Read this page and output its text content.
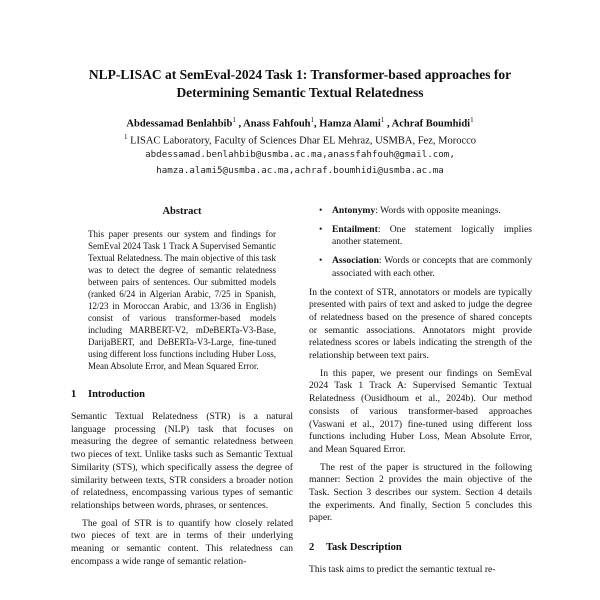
NLP-LISAC at SemEval-2024 Task 1: Transformer-based approaches for
Determining Semantic Textual Relatedness
Abdessamad Benlahbib$^1$ , Anass Fahfouh$^1$, Hamza Alami$^1$ , Achraf Boumhidi$^1$
$^1$ LISAC Laboratory, Faculty of Sciences Dhar EL Mehraz, USMBA, Fez, Morocco
abdessamad.benlahbib@usmba.ac.ma,anassfahfouh@gmail.com,
hamza.alami5@usmba.ac.ma,achraf.boumhidi@usmba.ac.ma
Abstract

This paper presents our system and findings for SemEval 2024 Task 1 Track A Supervised Semantic Textual Relatedness. The main objective of this task was to detect the degree of semantic relatedness between pairs of sentences. Our submitted models (ranked 6/24 in Algerian Arabic, 7/25 in Spanish, 12/23 in Moroccan Arabic, and 13/36 in English) consist of various transformer-based models including MARBERT-V2, mDeBERTa-V3-Base, DarijaBERT, and DeBERTa-V3-Large, fine-tuned using different loss functions including Huber Loss, Mean Absolute Error, and Mean Squared Error.

1 Introduction

Semantic Textual Relatedness (STR) is a natural language processing (NLP) task that focuses on measuring the degree of semantic relatedness between two pieces of text. Unlike tasks such as Semantic Textual Similarity (STS), which specifically assess the degree of similarity between texts, STR considers a broader notion of relatedness, encompassing various types of semantic relationships between words, phrases, or sentences.

The goal of STR is to quantify how closely related two pieces of text are in terms of their underlying meaning or semantic content. This relatedness can encompass a wide range of semantic relation-

• Antonymy: Words with opposite meanings.
• Entailment: One statement logically implies another statement.
• Association: Words or concepts that are commonly associated with each other.

In the context of STR, annotators or models are typically presented with pairs of text and asked to judge the degree of relatedness based on the presence of shared concepts or semantic associations. Annotators might provide relatedness scores or labels indicating the strength of the relationship between text pairs.

In this paper, we present our findings on SemEval 2024 Task 1 Track A: Supervised Semantic Textual Relatedness (Ousidhoum et al., 2024b). Our method consists of various transformer-based approaches (Vaswani et al., 2017) fine-tuned using different loss functions including Huber Loss, Mean Absolute Error, and Mean Squared Error.

The rest of the paper is structured in the following manner: Section 2 provides the main objective of the Task. Section 3 describes our system. Section 4 details the experiments. And finally, Section 5 concludes this paper.

2 Task Description

This task aims to predict the semantic textual re-
